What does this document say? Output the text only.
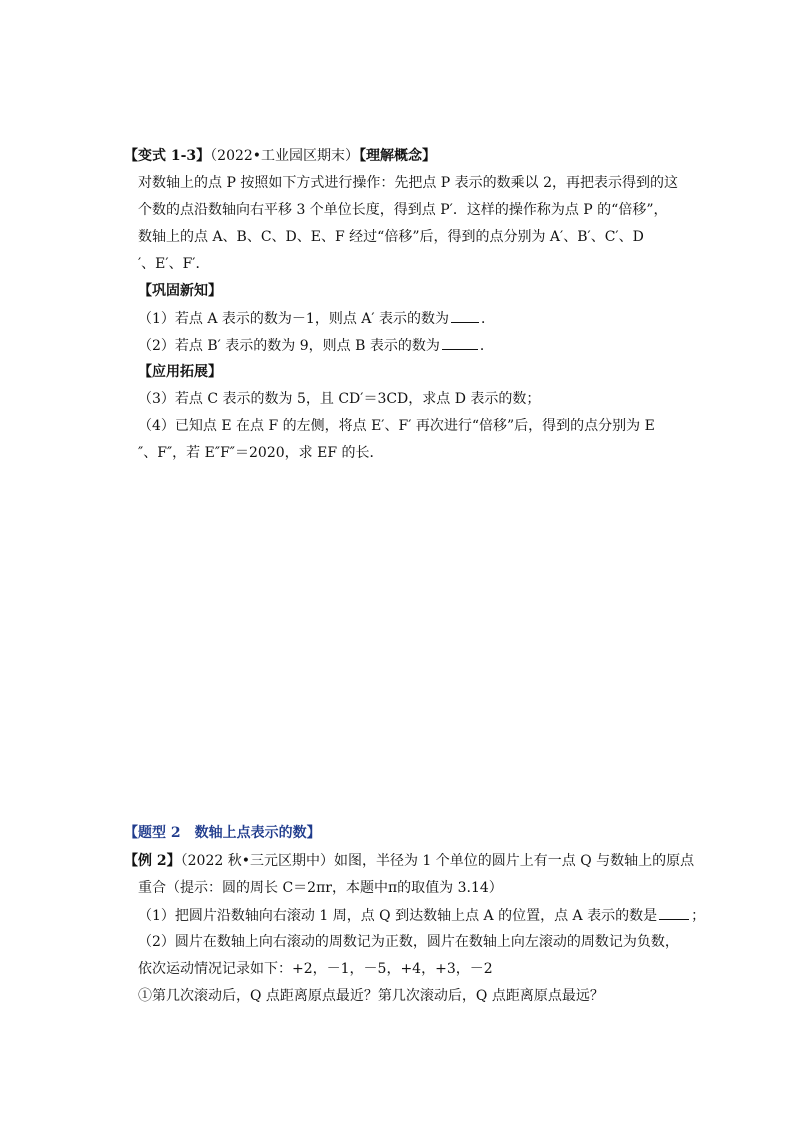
【变式 1-3】（2022•工业园区期末）【理解概念】
对数轴上的点 P 按照如下方式进行操作：先把点 P 表示的数乘以 2，再把表示得到的这
个数的点沿数轴向右平移 3 个单位长度，得到点 P′．这样的操作称为点 P 的“倍移”，
数轴上的点 A、B、C、D、E、F 经过“倍移”后，得到的点分别为 A′、B′、C′、D
′、E′、F′．
【巩固新知】
（1）若点 A 表示的数为－1，则点 A′ 表示的数为 ．
（2）若点 B′ 表示的数为 9，则点 B 表示的数为	．
【应用拓展】
（3）若点 C 表示的数为 5，且 CD′＝3CD，求点 D 表示的数；
（4）已知点 E 在点 F 的左侧，将点 E′、F′ 再次进行“倍移”后，得到的点分别为 E
″、F″，若 E″F″＝2020，求 EF 的长．
【题型 2　数轴上点表示的数】
【例 2】（2022 秋•三元区期中）如图，半径为 1 个单位的圆片上有一点 Q 与数轴上的原点
重合（提示：圆的周长 C＝2πr，本题中π的取值为 3.14）
（1）把圆片沿数轴向右滚动 1 周，点 Q 到达数轴上点 A 的位置，点 A 表示的数是 ；
（2）圆片在数轴上向右滚动的周数记为正数，圆片在数轴上向左滚动的周数记为负数，
依次运动情况记录如下：+2，－1，－5，+4，+3，－2
①第几次滚动后，Q 点距离原点最近？第几次滚动后，Q 点距离原点最远？
